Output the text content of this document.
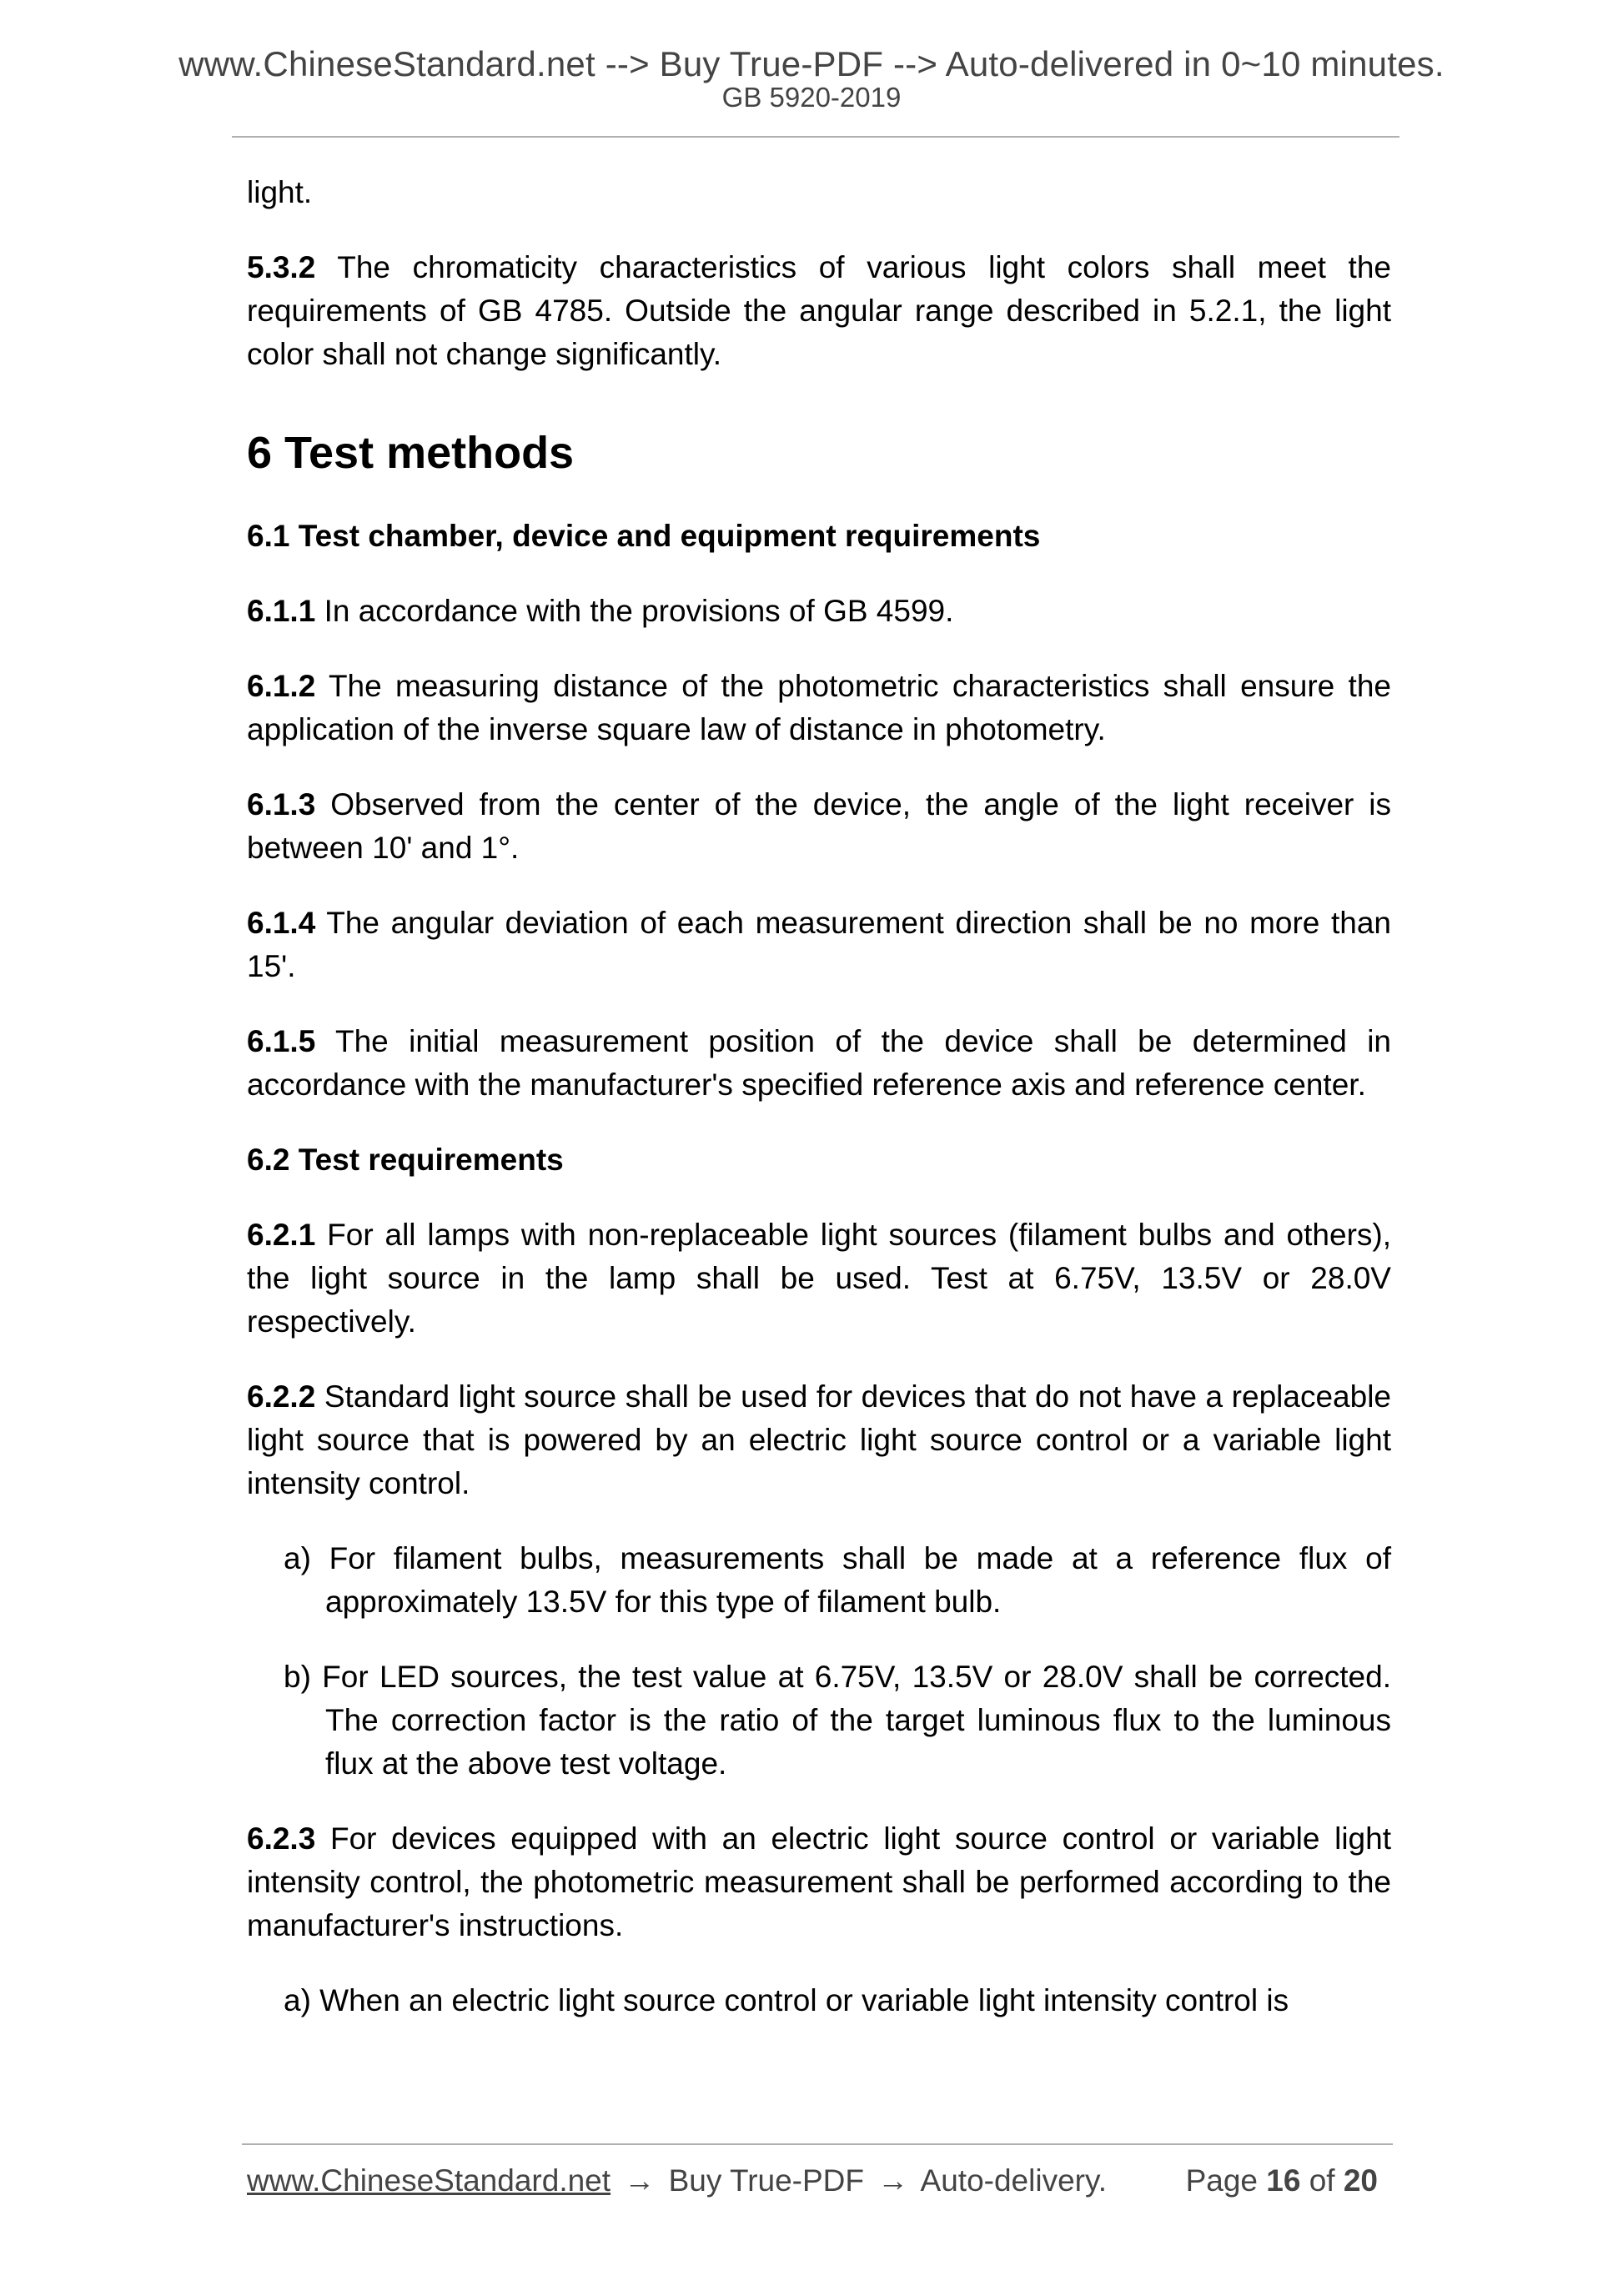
www.ChineseStandard.net --> Buy True-PDF --> Auto-delivered in 0~10 minutes.
GB 5920-2019

light.

5.3.2 The chromaticity characteristics of various light colors shall meet the requirements of GB 4785. Outside the angular range described in 5.2.1, the light color shall not change significantly.

6 Test methods
6.1 Test chamber, device and equipment requirements

6.1.1 In accordance with the provisions of GB 4599.

6.1.2 The measuring distance of the photometric characteristics shall ensure the application of the inverse square law of distance in photometry.

6.1.3 Observed from the center of the device, the angle of the light receiver is between 10' and 1°.

6.1.4 The angular deviation of each measurement direction shall be no more than 15'.

6.1.5 The initial measurement position of the device shall be determined in accordance with the manufacturer's specified reference axis and reference center.

6.2 Test requirements

6.2.1 For all lamps with non-replaceable light sources (filament bulbs and others), the light source in the lamp shall be used. Test at 6.75V, 13.5V or 28.0V respectively.

6.2.2 Standard light source shall be used for devices that do not have a replaceable light source that is powered by an electric light source control or a variable light intensity control.

a) For filament bulbs, measurements shall be made at a reference flux of approximately 13.5V for this type of filament bulb.

b) For LED sources, the test value at 6.75V, 13.5V or 28.0V shall be corrected. The correction factor is the ratio of the target luminous flux to the luminous flux at the above test voltage.

6.2.3 For devices equipped with an electric light source control or variable light intensity control, the photometric measurement shall be performed according to the manufacturer's instructions.

a) When an electric light source control or variable light intensity control is

www.ChineseStandard.net → Buy True-PDF → Auto-delivery.	Page 16 of 20
